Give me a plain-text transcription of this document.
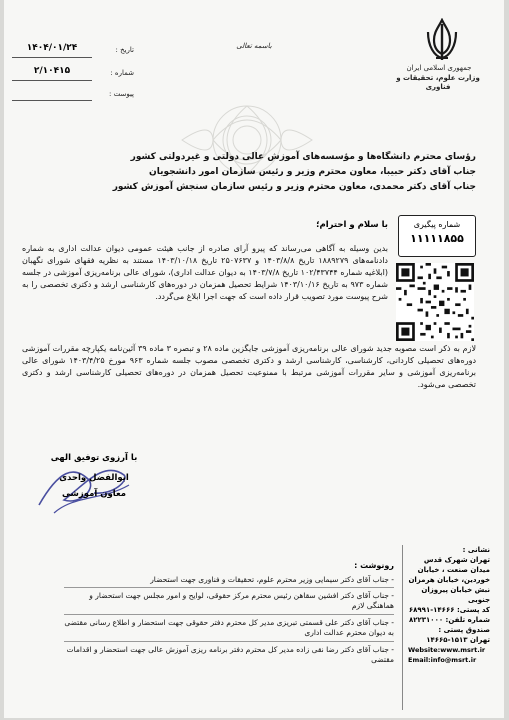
جمهوری اسلامی ایران
وزارت علوم، تحقیقات و فناوری
باسمه تعالی
تاریخ :
۱۴۰۴/۰۱/۲۴
شماره :
۲/۱۰۴۱۵
پیوست :
رؤسای محترم دانشگاه‌ها و مؤسسه‌های آموزش عالی دولتی و غیردولتی کشور
جناب آقای دکتر حبیبا، معاون محترم وزیر و رئیس سازمان امور دانشجویان
جناب آقای دکتر محمدی، معاون محترم وزیر و رئیس سازمان سنجش آموزش کشور
شماره پیگیری
۱۱۱۱۱۸۵۵
با سلام و احترام؛
بدین وسیله به آگاهی می‌رساند که پیرو آرای صادره از جانب هیئت عمومی دیوان عدالت اداری به شماره دادنامه‌های ۱۸۸۹۲۷۹ تاریخ ۱۴۰۳/۸/۸ و ۲۵۰۷۶۳۷ تاریخ ۱۴۰۳/۱۰/۱۸ مستند به نظریه فقهای شورای نگهبان (ابلاغیه شماره ۱۰۲/۴۳۷۴۴ تاریخ ۱۴۰۳/۷/۸ به دیوان عدالت اداری)، شورای عالی برنامه‌ریزی آموزشی در جلسه شماره ۹۷۳ به تاریخ ۱۴۰۳/۱۰/۱۶ شرایط تحصیل همزمان در دوره‌های کارشناسی ارشد و دکتری تخصصی را به شرح پیوست مورد تصویب قرار داده است که جهت اجرا ابلاغ می‌گردد.
لازم به ذکر است مصوبه جدید شورای عالی برنامه‌ریزی آموزشی جایگزین ماده ۲۸ و تبصره ۳ ماده ۳۹ آئین‌نامه یکپارچه مقررات آموزشی دوره‌های تحصیلی کاردانی، کارشناسی، کارشناسی ارشد و دکتری تخصصی مصوب جلسه شماره ۹۶۳ مورخ ۱۴۰۳/۴/۲۵ شورای عالی برنامه‌ریزی آموزشی و سایر مقررات آموزشی مرتبط با ممنوعیت تحصیل همزمان در دوره‌های تحصیلی کارشناسی ارشد و دکتری تخصصی می‌شود.
با آرزوی توفیق الهی
ابوالفضل واحدی
معاون آموزشی
رونوشت :
- جناب آقای دکتر سیمایی وزیر محترم علوم، تحقیقات و فناوری جهت استحضار
- جناب آقای دکتر افشین سقاهن رئیس محترم مرکز حقوقی، لوایح و امور مجلس جهت استحضار و هماهنگی لازم
- جناب آقای دکتر علی قسمتی تبریزی مدیر کل محترم دفتر حقوقی جهت استحضار و اطلاع رسانی مقتضی به دیوان محترم عدالت اداری
- جناب آقای دکتر رضا نقی زاده مدیر کل محترم دفتر برنامه ریزی آموزش عالی جهت استحضار و اقدامات مقتضی
نشانی :
تهران شهرک قدس
میدان صنعت ، خیابان
خوردین، خیابان هرمزان
نبش خیابان پیروزان جنوبی
کد پستی: ۱۴۶۶۶-۶۸۹۹۱
شماره تلفن: ۸۲۲۳۱۰۰۰
صندوق پستی :
تهران ۱۵۱۳-۱۴۶۶۵
Website:www.msrt.ir
Email:info@msrt.ir
